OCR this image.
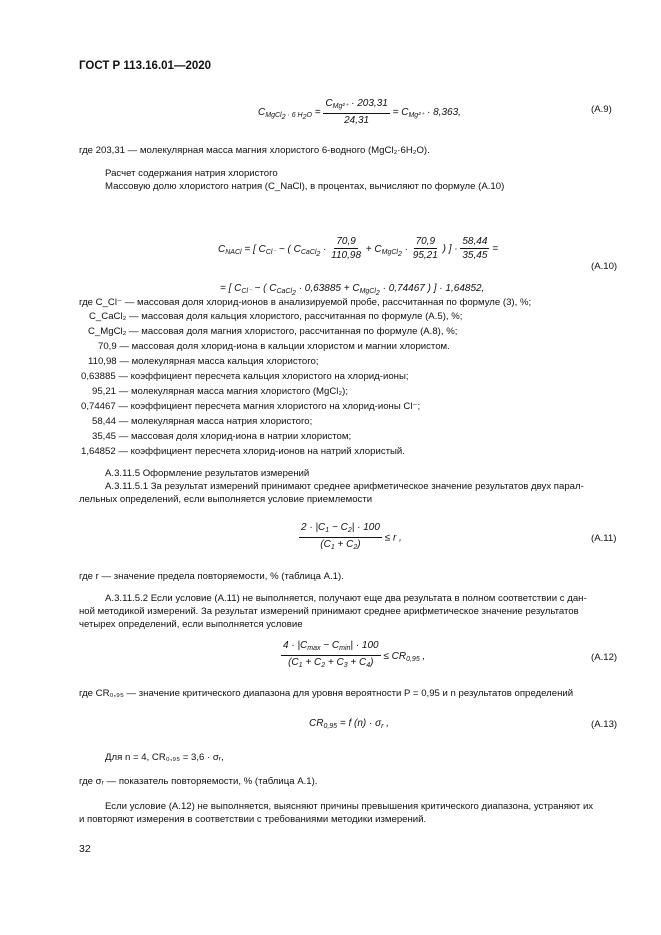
ГОСТ Р 113.16.01—2020
$C_{MgCl_2 \cdot 6 H_2O} = \frac{C_{Mg^{2+}} \cdot 203,31}{24,31} = C_{Mg^{2+}} \cdot 8,363$,	(А.9)
где 203,31 — молекулярная масса магния хлористого 6-водного (MgCl₂·6H₂O).
Расчет содержания натрия хлористого
Массовую долю хлористого натрия (C_NaCl), в процентах, вычисляют по формуле (А.10)
$C_{NACl}$ = [ $C_{Cl^-}$ − ( $C_{CaCl_2} \cdot \frac{70,9}{110,98} + C_{MgCl_2} \cdot \frac{70,9}{95,21}$ ) ] · $\frac{58,44}{35,45}$ =
(А.10)
= [ $C_{Cl^-}$ − ( $C_{CaCl_2} \cdot 0,63885 + C_{MgCl_2} \cdot 0,74467$ ) ] · 1,64852,
где C_Cl⁻ — массовая доля хлорид-ионов в анализируемой пробе, рассчитанная по формуле (3), %;
C_CaCl₂ — массовая доля кальция хлористого, рассчитанная по формуле (А.5), %;
C_MgCl₂ — массовая доля магния хлористого, рассчитанная по формуле (А.8), %;
70,9 — массовая доля хлорид-иона в кальции хлористом и магнии хлористом.
110,98 — молекулярная масса кальция хлористого;
0,63885 — коэффициент пересчета кальция хлористого на хлорид-ионы;
95,21 — молекулярная масса магния хлористого (MgCl₂);
0,74467 — коэффициент пересчета магния хлористого на хлорид-ионы Cl⁻;
58,44 — молекулярная масса натрия хлористого;
35,45 — массовая доля хлорид-иона в натрии хлористом;
1,64852 — коэффициент пересчета хлорид-ионов на натрий хлористый.
А.3.11.5 Оформление результатов измерений
А.3.11.5.1 За результат измерений принимают среднее арифметическое значение результатов двух парал-
лельных определений, если выполняется условие приемлемости
$\frac{2 \cdot |C_1 - C_2| \cdot 100}{(C_1 + C_2)} \le r$ ,	(А.11)
где r — значение предела повторяемости, % (таблица А.1).
А.3.11.5.2 Если условие (А.11) не выполняется, получают еще два результата в полном соответствии с дан-
ной методикой измерений. За результат измерений принимают среднее арифметическое значение результатов
четырех определений, если выполняется условие
$\frac{4 \cdot |C_{max} - C_{min}| \cdot 100}{(C_1 + C_2 + C_3 + C_4)} \le CR_{0,95}$ ,	(А.12)
где CR₀,₉₅ — значение критического диапазона для уровня вероятности P = 0,95 и n результатов определений
$CR_{0,95} = f$ $(n) \cdot \sigma_r$ ,	(А.13)
Для n = 4, CR₀,₉₅ = 3,6 · σᵣ,
где σᵣ — показатель повторяемости, % (таблица А.1).
Если условие (А.12) не выполняется, выясняют причины превышения критического диапазона, устраняют их
и повторяют измерения в соответствии с требованиями методики измерений.
32
